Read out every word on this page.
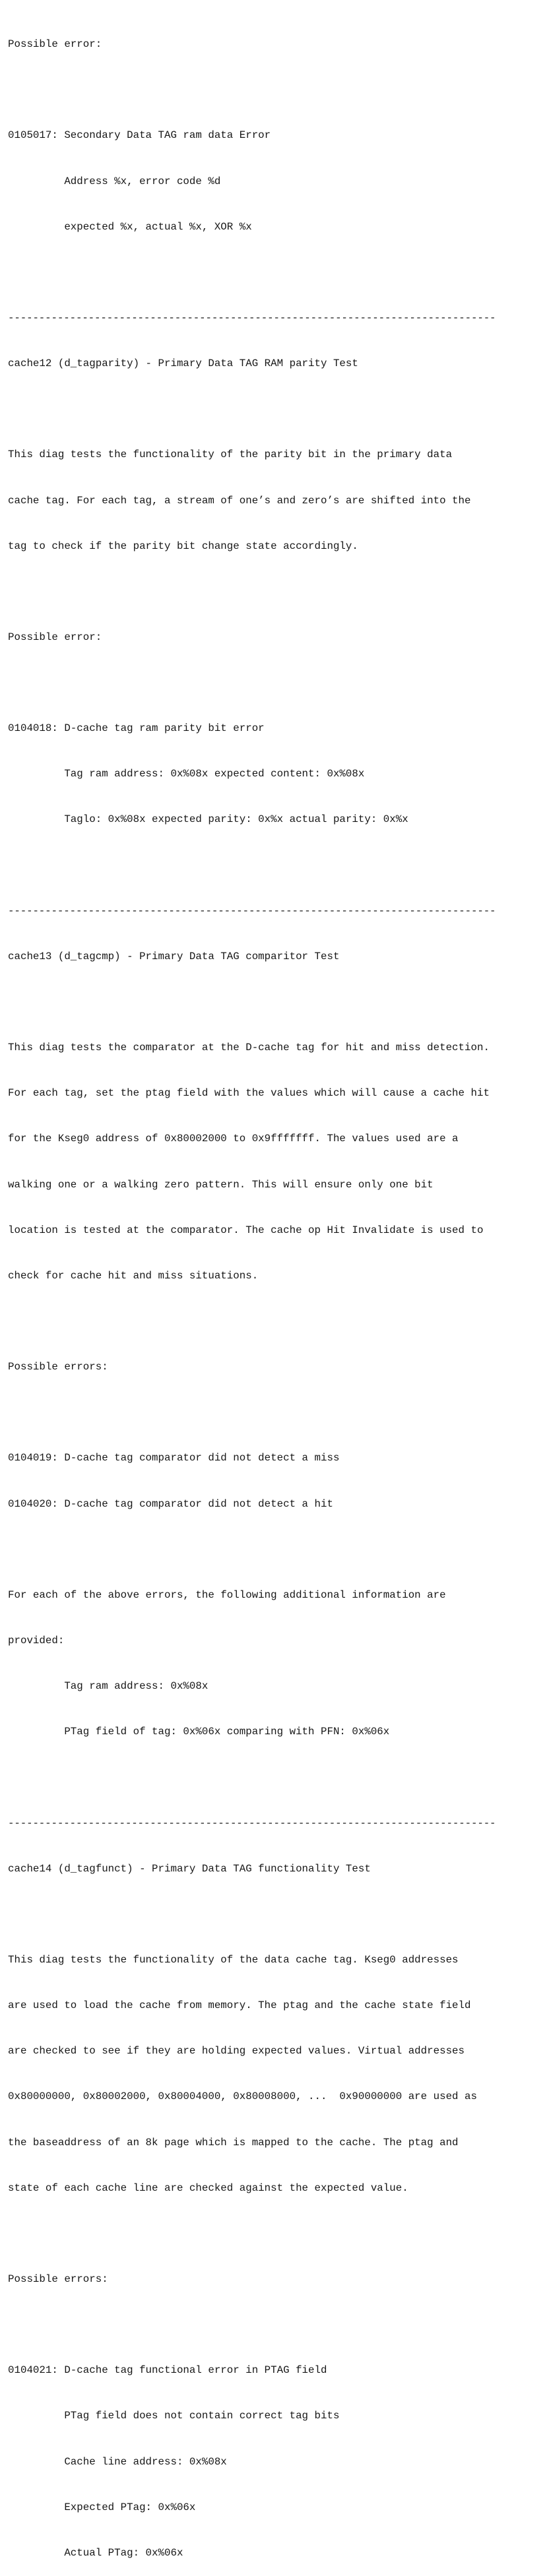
Possible error:

0105017: Secondary Data TAG ram data Error

Address %x, error code %d

expected %x, actual %x, XOR %x

-------------------------------------------------------------------------------

cache12 (d_tagparity) - Primary Data TAG RAM parity Test

This diag tests the functionality of the parity bit in the primary data

cache tag. For each tag, a stream of one’s and zero’s are shifted into the

tag to check if the parity bit change state accordingly.

Possible error:

0104018: D-cache tag ram parity bit error

Tag ram address: 0x%08x expected content: 0x%08x

Taglo: 0x%08x expected parity: 0x%x actual parity: 0x%x

-------------------------------------------------------------------------------

cache13 (d_tagcmp) - Primary Data TAG comparitor Test

This diag tests the comparator at the D-cache tag for hit and miss detection.

For each tag, set the ptag field with the values which will cause a cache hit

for the Kseg0 address of 0x80002000 to 0x9fffffff. The values used are a

walking one or a walking zero pattern. This will ensure only one bit

location is tested at the comparator. The cache op Hit Invalidate is used to

check for cache hit and miss situations.

Possible errors:

0104019: D-cache tag comparator did not detect a miss

0104020: D-cache tag comparator did not detect a hit

For each of the above errors, the following additional information are

provided:

Tag ram address: 0x%08x

PTag field of tag: 0x%06x comparing with PFN: 0x%06x

-------------------------------------------------------------------------------

cache14 (d_tagfunct) - Primary Data TAG functionality Test

This diag tests the functionality of the data cache tag. Kseg0 addresses

are used to load the cache from memory. The ptag and the cache state field

are checked to see if they are holding expected values. Virtual addresses

0x80000000, 0x80002000, 0x80004000, 0x80008000, ...  0x90000000 are used as

the baseaddress of an 8k page which is mapped to the cache. The ptag and

state of each cache line are checked against the expected value.

Possible errors:

0104021: D-cache tag functional error in PTAG field

PTag field does not contain correct tag bits

Cache line address: 0x%08x

Expected PTag: 0x%06x

Actual PTag: 0x%06x
